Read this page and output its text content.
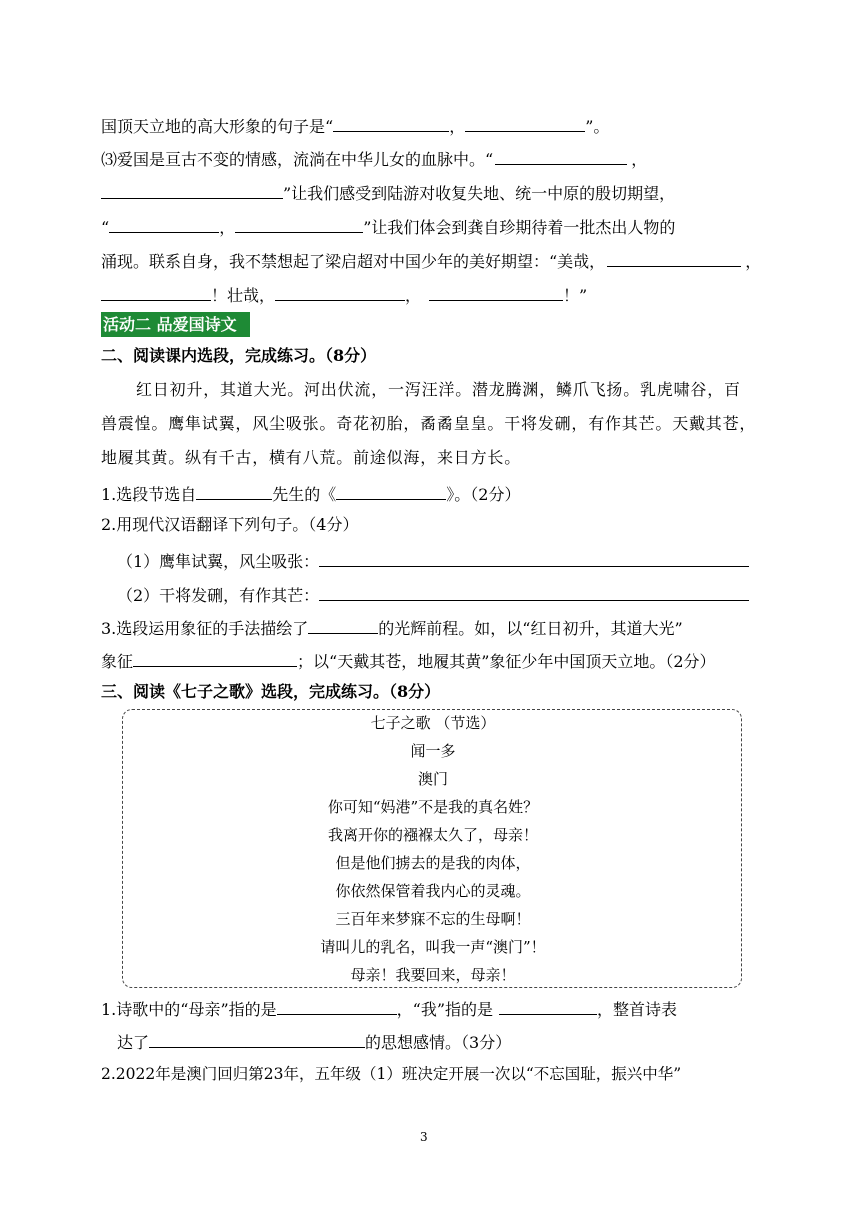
国顶天立地的高大形象的句子是“	，	”。
⑶爱国是亘古不变的情感，流淌在中华儿女的血脉中。“	，
”让我们感受到陆游对收复失地、统一中原的殷切期望，
“	，	”让我们体会到龚自珍期待着一批杰出人物的
涌现。联系自身，我不禁想起了梁启超对中国少年的美好期望：“美哉，	，
！壮哉，	，	！”
活动二 品爱国诗文
二、阅读课内选段，完成练习。（8分）
红日初升，其道大光。河出伏流，一泻汪洋。潜龙腾渊，鳞爪飞扬。乳虎啸谷，百
兽震惶。鹰隼试翼，风尘吸张。奇花初胎，矞矞皇皇。干将发硎，有作其芒。天戴其苍，
地履其黄。纵有千古，横有八荒。前途似海，来日方长。
1.选段节选自	先生的《	》。（2分）
2.用现代汉语翻译下列句子。（4分）
（1）鹰隼试翼，风尘吸张：
（2）干将发硎，有作其芒：
3.选段运用象征的手法描绘了	的光辉前程。如，以“红日初升，其道大光”
象征	；以“天戴其苍，地履其黄”象征少年中国顶天立地。（2分）
三、阅读《七子之歌》选段，完成练习。（8分）
七子之歌 （节选）
闻一多
澳门
你可知“妈港”不是我的真名姓？
我离开你的襁褓太久了，母亲！
但是他们掳去的是我的肉体，
你依然保管着我内心的灵魂。
三百年来梦寐不忘的生母啊！
请叫儿的乳名，叫我一声“澳门”！
母亲！我要回来，母亲！
1.诗歌中的“母亲”指的是	，“我”指的是	，整首诗表
达了	的思想感情。（3分）
2.2022年是澳门回归第23年，五年级（1）班决定开展一次以“不忘国耻，振兴中华”
3
